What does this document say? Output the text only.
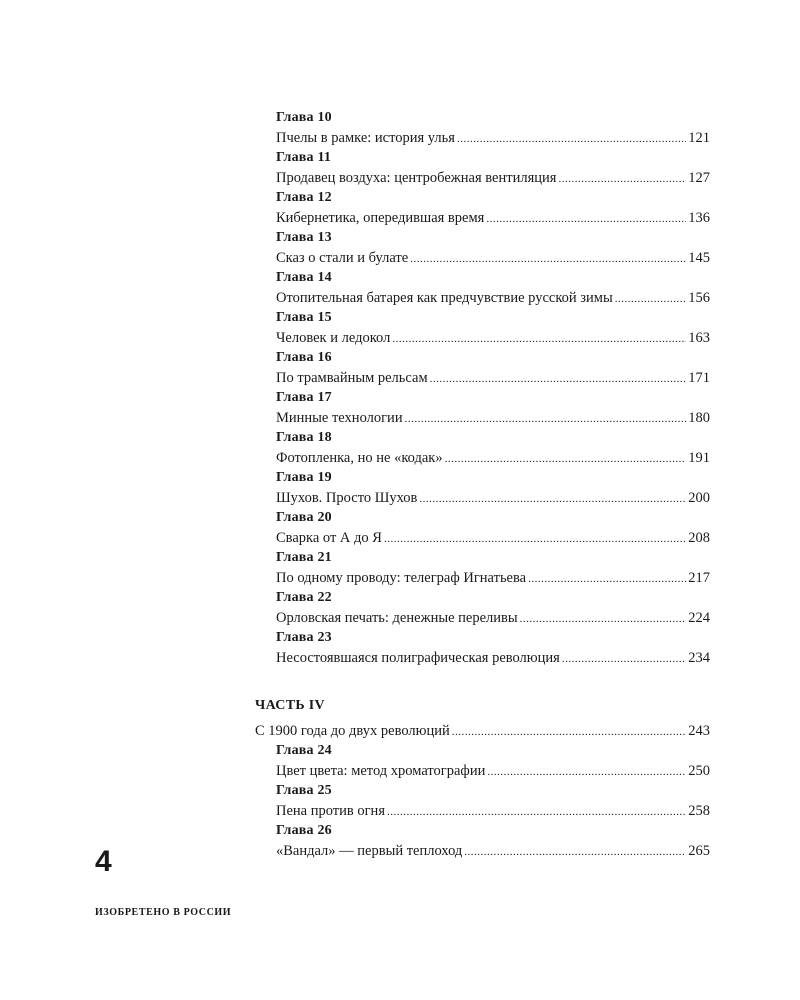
Глава 10
Пчелы в рамке: история улья .....	121
Глава 11
Продавец воздуха: центробежная вентиляция .....	127
Глава 12
Кибернетика, опередившая время .....	136
Глава 13
Сказ о стали и булате .....	145
Глава 14
Отопительная батарея как предчувствие русской зимы .....	156
Глава 15
Человек и ледокол .....	163
Глава 16
По трамвайным рельсам .....	171
Глава 17
Минные технологии .....	180
Глава 18
Фотопленка, но не «кодак» .....	191
Глава 19
Шухов. Просто Шухов .....	200
Глава 20
Сварка от А до Я .....	208
Глава 21
По одному проводу: телеграф Игнатьева .....	217
Глава 22
Орловская печать: денежные переливы .....	224
Глава 23
Несостоявшаяся полиграфическая революция .....	234
ЧАСТЬ IV
С 1900 года до двух революций .....	243
Глава 24
Цвет цвета: метод хроматографии .....	250
Глава 25
Пена против огня .....	258
Глава 26
«Вандал» — первый теплоход .....	265
4
ИЗОБРЕТЕНО В РОССИИ
